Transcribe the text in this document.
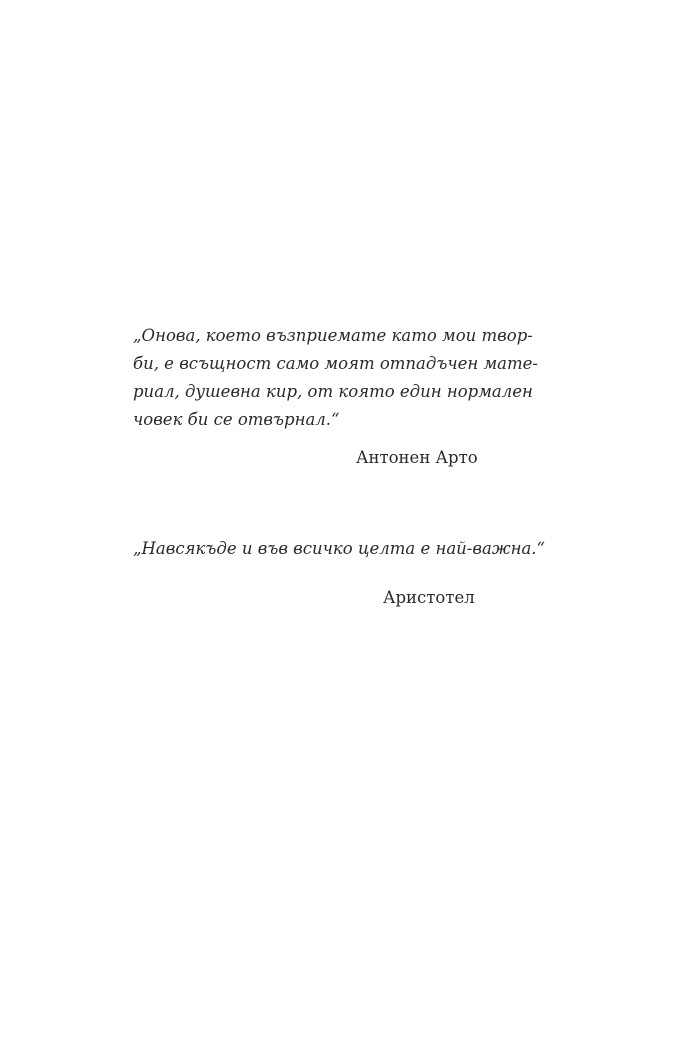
„Онова, което възприемате като мои твор-

би, е всъщност само моят отпадъчен мате-

риал, душевна кир, от която един нормален

човек би се отвърнал.“

Антонен Арто

„Навсякъде и във всичко целта е най-важна.“

Аристотел
